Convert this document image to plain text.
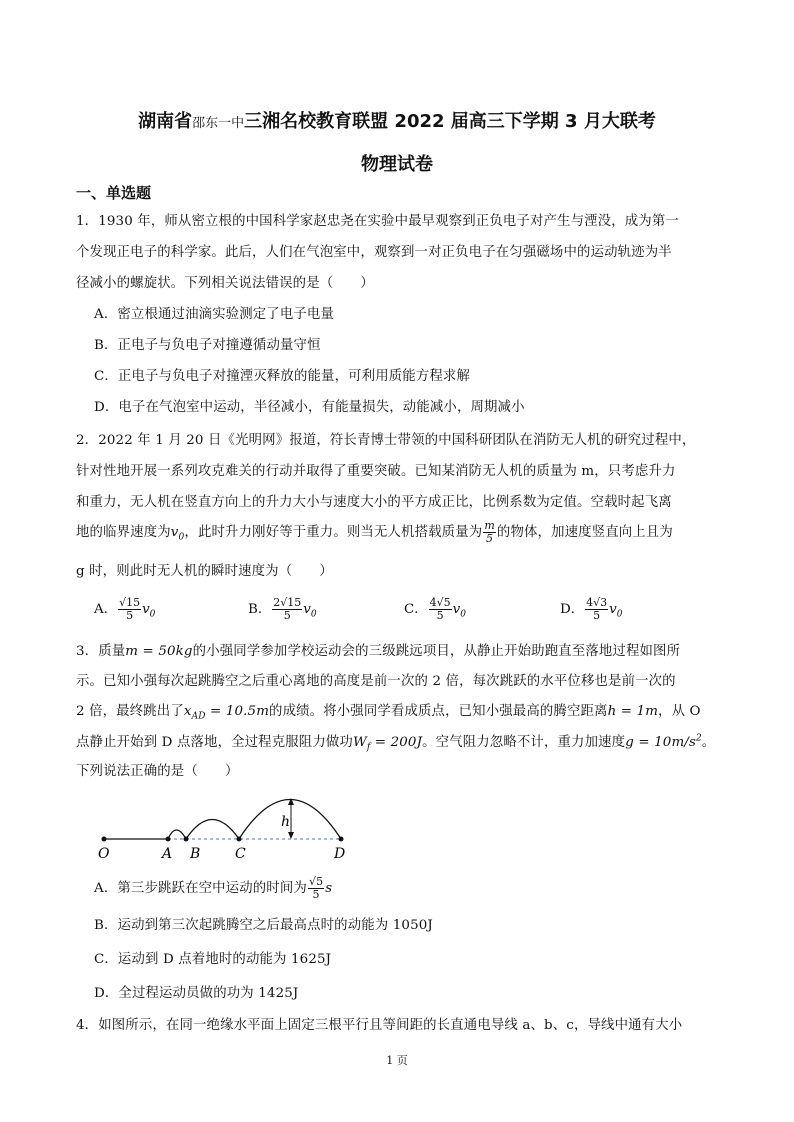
湖南省邵东一中三湘名校教育联盟 2022 届高三下学期 3 月大联考
物理试卷
一、单选题
1．1930 年，师从密立根的中国科学家赵忠尧在实验中最早观察到正负电子对产生与湮没，成为第一
个发现正电子的科学家。此后，人们在气泡室中，观察到一对正负电子在匀强磁场中的运动轨迹为半
径减小的螺旋状。下列相关说法错误的是（　　）
A．密立根通过油滴实验测定了电子电量
B．正电子与负电子对撞遵循动量守恒
C．正电子与负电子对撞湮灭释放的能量，可利用质能方程求解
D．电子在气泡室中运动，半径减小，有能量损失，动能减小，周期减小
2．2022 年 1 月 20 日《光明网》报道，符长青博士带领的中国科研团队在消防无人机的研究过程中，
针对性地开展一系列攻克难关的行动并取得了重要突破。已知某消防无人机的质量为 m，只考虑升力
和重力，无人机在竖直方向上的升力大小与速度大小的平方成正比，比例系数为定值。空载时起飞离
地的临界速度为$v_0$，此时升力刚好等于重力。则当无人机搭载质量为 $\frac{m}{5}$ 的物体，加速度竖直向上且为
g 时，则此时无人机的瞬时速度为（　　）
A． $\frac{√15}{5} v_0$	B． $\frac{2√15}{5} v_0$	C． $\frac{4√5}{5} v_0$	D． $\frac{4√3}{5} v_0$
3．质量m = 50kg的小强同学参加学校运动会的三级跳远项目，从静止开始助跑直至落地过程如图所
示。已知小强每次起跳腾空之后重心离地的高度是前一次的 2 倍，每次跳跃的水平位移也是前一次的
2 倍，最终跳出了$x_{AD} = 10.5m$的成绩。将小强同学看成质点，已知小强最高的腾空距离h = 1m，从 O
点静止开始到 D 点落地，全过程克服阻力做功$W_f = 200J$。空气阻力忽略不计，重力加速度$g = 10m/s^2$。
下列说法正确的是（　　）
O	A B C	D
h
A．第三步跳跃在空中运动的时间为 $\frac{√5}{5}$ s
B．运动到第三次起跳腾空之后最高点时的动能为 1050J
C．运动到 D 点着地时的动能为 1625J
D．全过程运动员做的功为 1425J
4．如图所示，在同一绝缘水平面上固定三根平行且等间距的长直通电导线 a、b、c，导线中通有大小
1 页
